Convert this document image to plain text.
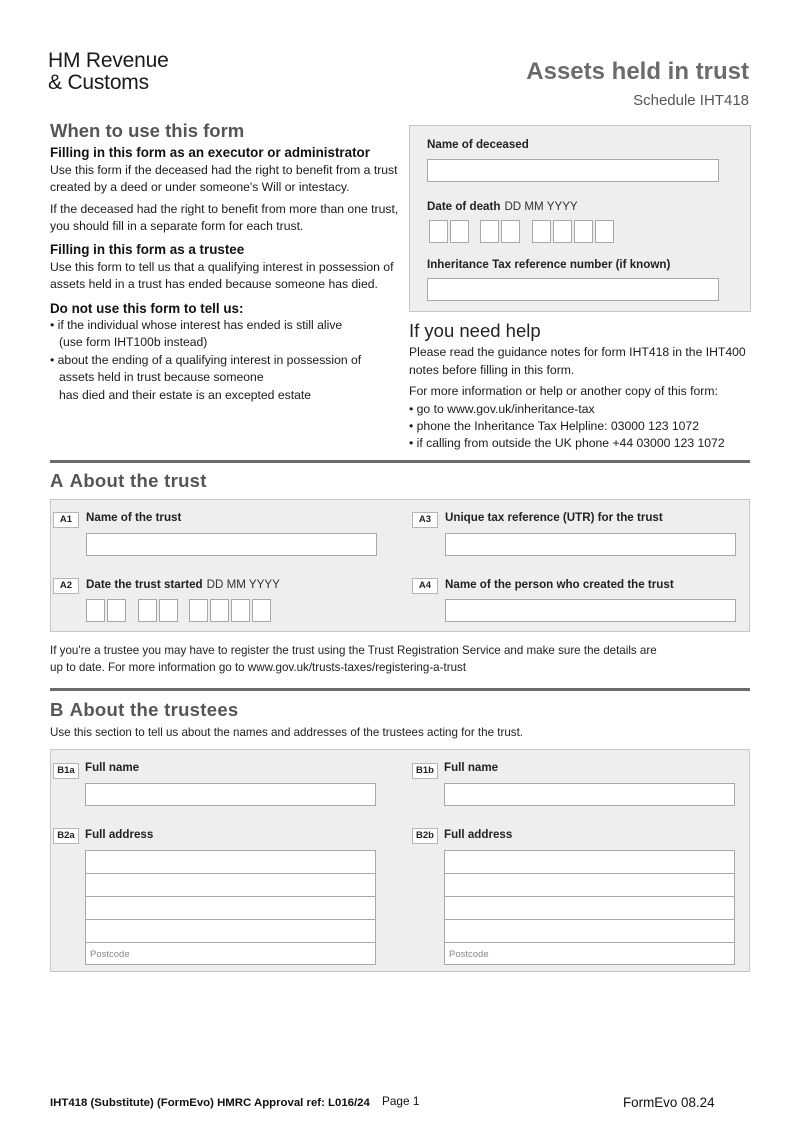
HM Revenue
& Customs	Assets held in trust
Schedule IHT418
When to use this form
Filling in this form as an executor or administrator

Use this form if the deceased had the right to benefit from a trust created by a deed or under someone's Will or intestacy.

If the deceased had the right to benefit from more than one trust, you should fill in a separate form for each trust.

Filling in this form as a trustee

Use this form to tell us that a qualifying interest in possession of assets held in a trust has ended because someone has died.

Do not use this form to tell us:
• if the individual whose interest has ended is still alive
(use form IHT100b instead)
• about the ending of a qualifying interest in possession of
assets held in trust because someone
has died and their estate is an excepted estate
Name of deceased
Date of death DD MM YYYY
Inheritance Tax reference number (if known)
If you need help

Please read the guidance notes for form IHT418 in the IHT400 notes before filling in this form.

For more information or help or another copy of this form:
• go to www.gov.uk/inheritance-tax
• phone the Inheritance Tax Helpline: 03000 123 1072
• if calling from outside the UK phone +44 03000 123 1072
A About the trust
A1	Name of the trust
A2	Date the trust started DD MM YYYY
A3	Unique tax reference (UTR) for the trust
A4	Name of the person who created the trust
If you're a trustee you may have to register the trust using the Trust Registration Service and make sure the details are
up to date. For more information go to www.gov.uk/trusts-taxes/registering-a-trust
B About the trustees
Use this section to tell us about the names and addresses of the trustees acting for the trust.
B1a Full name
B2a Full address
Postcode
B1b Full name
B2b Full address
Postcode
IHT418 (Substitute) (FormEvo) HMRC Approval ref: L016/24 Page 1	FormEvo 08.24
